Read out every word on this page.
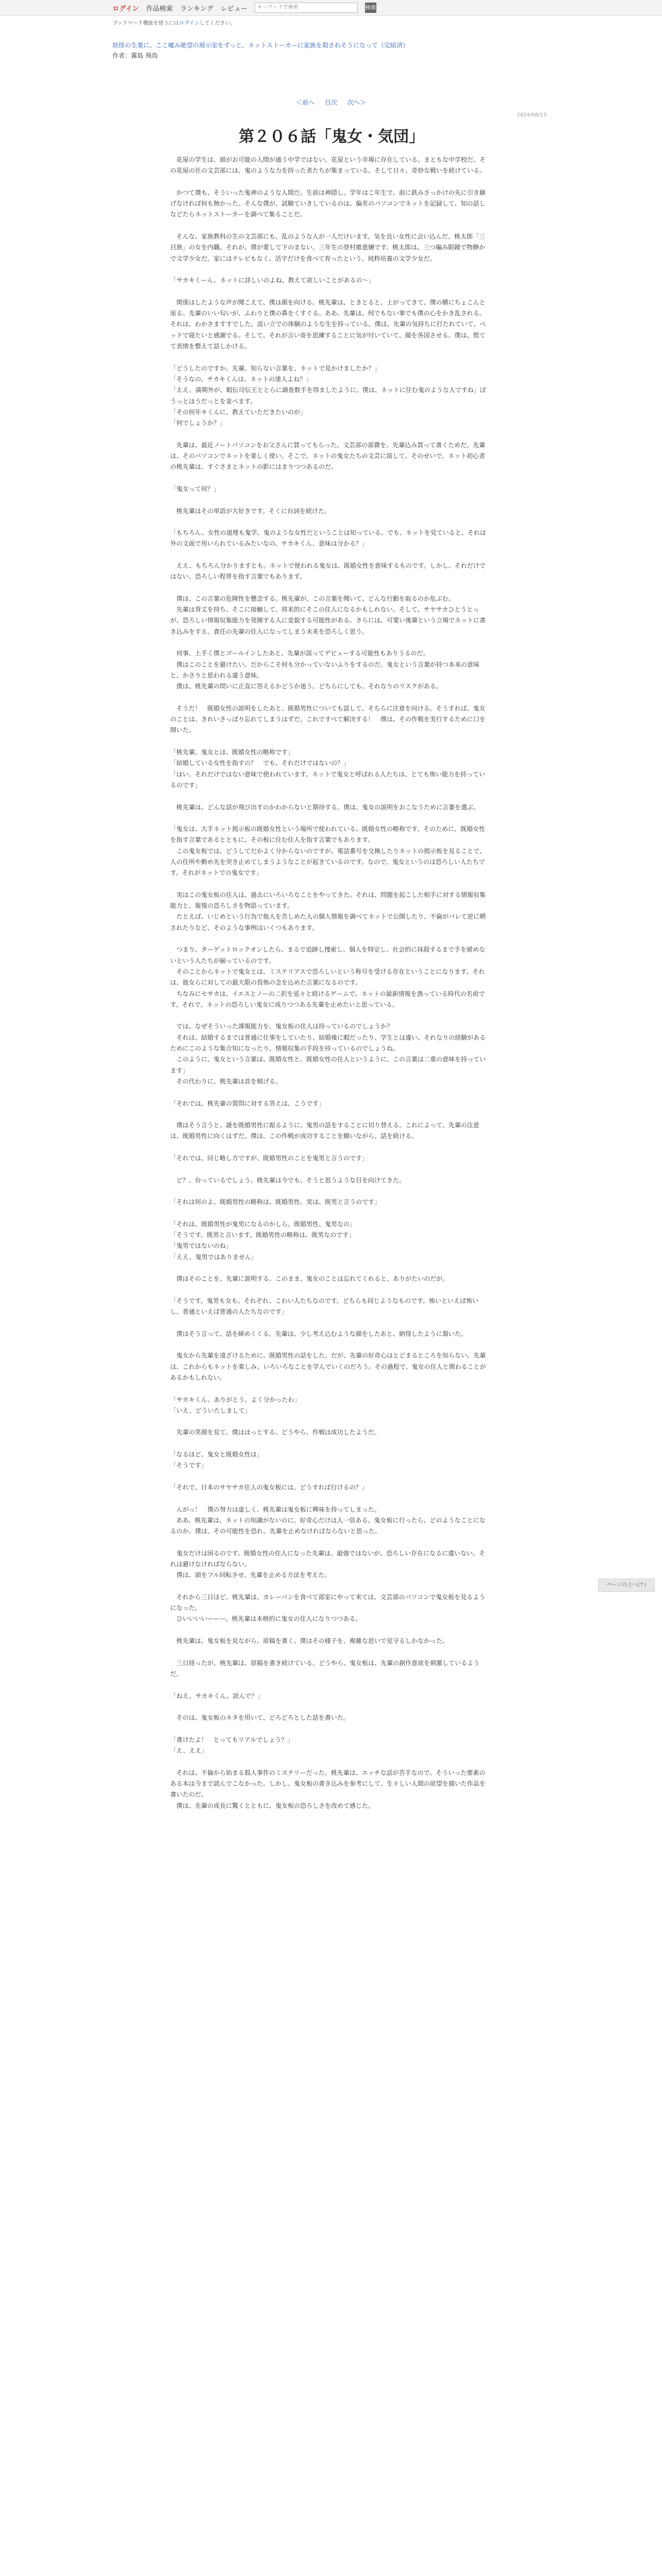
ログイン 作品検索 ランキング レビュー	キーワードで検索	検索
ブックマーク機能を使うにはログインしてください。
妖怪の生業に、ここ嘘み絶望の展示室をずっと、ネットストーカーに家族を殺されそうになって（完結済）
作者：霧島 飛鳥
＜前へ 目次 次へ＞
2024/08/13
第２０６話「鬼女・気団」

　花屋の学生は、頭がお可能の人間が通う中学ではない。花屋という市場に存在している、まともな中学校だ。その花屋の社の文芸部には、鬼のような力を持った者たちが集まっている。そして日々、奇妙な戦いを続けている。

　かつて僕も、そういった鬼神のような人間だ。生前は神隠し、学年はこ年生で、前に鉄みさっかけの先に引き継げなければ何も無かった。そんな僕が、試験ていきしているのは、偏差のパソコンでネットを記録して、知の話しなどたらネットストーカーを調べて集ることだ。

　そんな、家族教科の生の文芸部にも、乱のような人が一人だけいます。気を良い女性に会い込んだ、桃太郎「三目族」の女を内職。それが、僕が愛して下のまない。三年生の登村維恵嬢です。桃太郎は、三つ編み眼鏡で物静かで文学少女だ。家にはテレビもなく、活字だけを食べて育ったという、純粋培養の文学少女だ。

「サカキくーん。ネットに詳しいのよね。教えて欲しいことがあるの～」

　関係はしたような声が聞こえて、僕は顔を向ける。桃先輩は、ときとると、上がってきて、僕の横にちょこんと座る。先輩のいい匂いが、ふわりと僕の鼻をくすぐる。ああ、先輩は、何でもない事でも僕の心をかき乱される。それは、わかさますすでした。流い立での体験のような生を持っている。僕は、先輩の気持ちに打たれていて、ベッドで寝たいと感謝でる。そして、それが言い寄を思練することに気が付いていて、顔を各国させる。僕は、慌てて表情を整えて話しかける。

「どうしたのですか。先輩。知らない言葉を、ネットで見かけましたか？」
「そうなの、サカキくんは、ネットの達人よね？」
「ええ。満期外が、暇伝司伝王ととらに調査数手を得ましたように。僕は、ネットに住む鬼のような人ですね」ぼうっとほうだっとを並べます。
「その何年キくんに、教えていただきたいのが」
「何でしょうか？」

　先輩は、最近ノートパソコンをお父さんに買ってもらった。文芸部の部費を、先輩込み買って書くためだ。先輩は、そのパソコンでネットを楽しく使い、そこで、ネットの鬼女たちの文芸に接して、そのせいで、ネット初心者の桃先輩は、すぐさまとネットの影にはまりつつあるのだ。

「鬼女って何？」

　桃先輩はその単語が大好きです。そくに台詞を続けた。

「もちろん、女性の道理も鬼学。鬼のような女性だということは知っている。でも、ネットを見ていると、それは外の文面で用いられているみたいなの。サカキくん、意味は分かる？」

　ええ、もちろん分かりますとも。ネットで使われる鬼女は、既婚女性を意味するものです。しかし、それだけではない。恐ろしい程界を指す言葉でもあります。

　僕は、この言葉の危険性を懸念する。桃先輩が、この言葉を聞いて、どんな行動を取るのか危ぶむ。
　先輩は背丈を持ち、そこに接触して、将来的にそこの住人になるかもしれない。そして、サヤサカひとうとっが、恐ろしい情報収集能力を発揮する人に変貌する可能性がある。さらには、可愛い後輩という立場でネットに書き込みをする、責任の先輩の住人になってしまう未来を恐ろしく思う。

　何事、上手く僕とゴールインしたあと、先輩が誤ってデビューする可能性もありうるのだ。
　僕はこのことを避けたい。だからこそ何も分かっていないふりをするのだ。鬼女という言葉が持つ本来の意味と、かさりと思われる違う意味。
　僕は、桃先輩の問いに正直に答えるかどうか迷う。どちらにしても、それなりのリスクがある。

　そうだ！　既婚女性の説明をしたあと、既婚男性についても話して、そちらに注意を向ける。そうすれば、鬼女のことは、きれいさっぱり忘れてしまうはずだ。これですべて解決する！　僕は、その作戦を実行するために口を開いた。

「桃先輩。鬼女とは、既婚女性の略称です」
「結婚している女性を指すの？　でも、それだけではないの？」
「はい。それだけではない意味で使われています。ネットで鬼女と呼ばれる人たちは、とても怖い能力を持っているのです」

　桃先輩は、どんな話が飛び出すのかわからないと期待する。僕は、鬼女の説明をおこなうために言葉を選ぶ。

「鬼女は、大手ネット掲示板の既婚女性という場所で使われている、既婚女性の略称です。そのために、既婚女性を指す言葉であるとともに、その板に住む住人を指す言葉でもあります。
　この鬼女板では、どうしてだかよく分からないのですが、電話番号を交換したりネットの掲示板を見ることで、人の住所や勤め先を突き止めてしまうようなことが起きているのです。なので、鬼女というのは恐ろしい人たちです。それがネットでの鬼女です」

　実はこの鬼女板の住人は、過去にいろいろなことをやってきた。それは、問題を起こした相手に対する情報収集能力と、報復の恐ろしさを物語っています。
　たとえば、いじめという行為で他人を苦しめた人の個人情報を調べてネットで公開したり、不倫がバレて逆に晒されたりなど、そのような事例はいくつもあります。

　つまり、ターゲットロックオンしたら、まるで追跡し捜索し、個人を特定し、社会的に抹殺するまで手を緩めないという人たちが揃っているのです。
　そのことからネットで鬼女とは、ミステリアスで恐ろしいという称号を受ける存在ということになります。それは、彼女らに対しての最大限の畏怖の念を込めた言葉になるのです。
　ちなみにセサカは、イエスとノーの二択を延々と続けるゲームで、ネットの最新情報を漁っている時代の名前です。それで、ネットの恐ろしい鬼女に成りつつある先輩を止めたいと思っている。

　では、なぜそういった課報能力を、鬼女板の住人は持っているのでしょうか？
　それは、結婚するまでは普通に仕事をしていたり、結婚後に暇だったり、学生とは違い、それなりの経験があるためにこのような集合知になったり、情報収集の手段を持っているのでしょうね。
　このように、鬼女という言葉は、既婚女性と、既婚女性の住人というように、この言葉は二重の意味を持っています」
　その代わりに、桃先輩は首を傾げる。

「それでは、桃先輩の質問に対する答えは、こうです」

　僕はそう言うと、謎を既婚男性に振るように、鬼男の話をすることに切り替える。これによって、先輩の注意は、既婚男性に向くはずだ。僕は、この作戦が成功することを願いながら、話を続ける。

「それでは、同じ略し方ですが、既婚男性のことを鬼男と言うのです」

　ど？、台っているでしょう。桃先輩は今でも、そうと思うような目を向けてきた。

「それは何のよ。既婚男性の略称は、既婚男性。実は、既男と言うのです」

「それは、既婚男性が鬼男になるのかしら。既婚男性、鬼男なの」
「そうです。既男と言います。既婚男性の略称は、既男なのです」
「鬼男ではないのね」
「ええ、鬼男ではありません」

　僕はそのことを、先輩に説明する。このまま、鬼女のことは忘れてくれると、ありがたいのだが。

「そうです。鬼男も女も、それぞれ、こわい人たちなのです。どちらも同じようなものです。怖いといえば怖いし、普通といえば普通の人たちなのです」

　僕はそう言って、話を締めくくる。先輩は、少し考え込むような顔をしたあと、納得したように頷いた。

　鬼女から先輩を遠ざけるために、既婚男性の話をした。だが、先輩の好奇心はとどまるところを知らない。先輩は、これからもネットを楽しみ、いろいろなことを学んでいくのだろう。その過程で、鬼女の住人と関わることがあるかもしれない。

「サカキくん。ありがとう。よく分かったわ」
「いえ、どういたしまして」

　先輩の笑顔を見て、僕はほっとする。どうやら、作戦は成功したようだ。

「なるほど。鬼女と既婚女性は」
「そうです」

「それで、日本のサヤサカ住人の鬼女板には、どうすれば行けるの？」

　んがっ！　僕の努力は虚しく、桃先輩は鬼女板に興味を持ってしまった。
　ああ、桃先輩は、ネットの知識がないのに、好奇心だけは人一倍ある。鬼女板に行ったら、どのようなことになるのか。僕は、その可能性を恐れ、先輩を止めなければならないと思った。

　鬼女だけは困るのです。既婚女性の住人になった先輩は、最強ではないが、恐ろしい存在になるに違いない。それは避けなければならない。
　僕は、頭をフル回転させ、先輩を止める方法を考えた。

　それから三日ほど、桃先輩は、カレーパンを食べて部室にやって来ては、文芸部のパソコンで鬼女板を見るようになった。
　ひいいいいーーー。桃先輩は本格的に鬼女の住人になりつつある。

　桃先輩は、鬼女板を見ながら、原稿を書く。僕はその様子を、複雑な思いで見守るしかなかった。

　三日経ったが、桃先輩は、原稿を書き続けている。どうやら、鬼女板は、先輩の創作意欲を刺激しているようだ。

「ねえ、サカキくん。読んで？」

　そのは、鬼女板のネタを用いて、どろどろとした話を書いた。

「書けたよ！　とってもリアルでしょう？」
「え、ええ」

　それは、不倫から始まる殺人事件のミステリーだった。桃先輩は、エッチな話が苦手なので、そういった要素のある本は今まで読んでこなかった。しかし、鬼女板の書き込みを参考にして、生々しい人間の欲望を描いた作品を書いたのだ。
　僕は、先輩の成長に驚くとともに、鬼女板の恐ろしさを改めて感じた。

ページの上へ(↑)
